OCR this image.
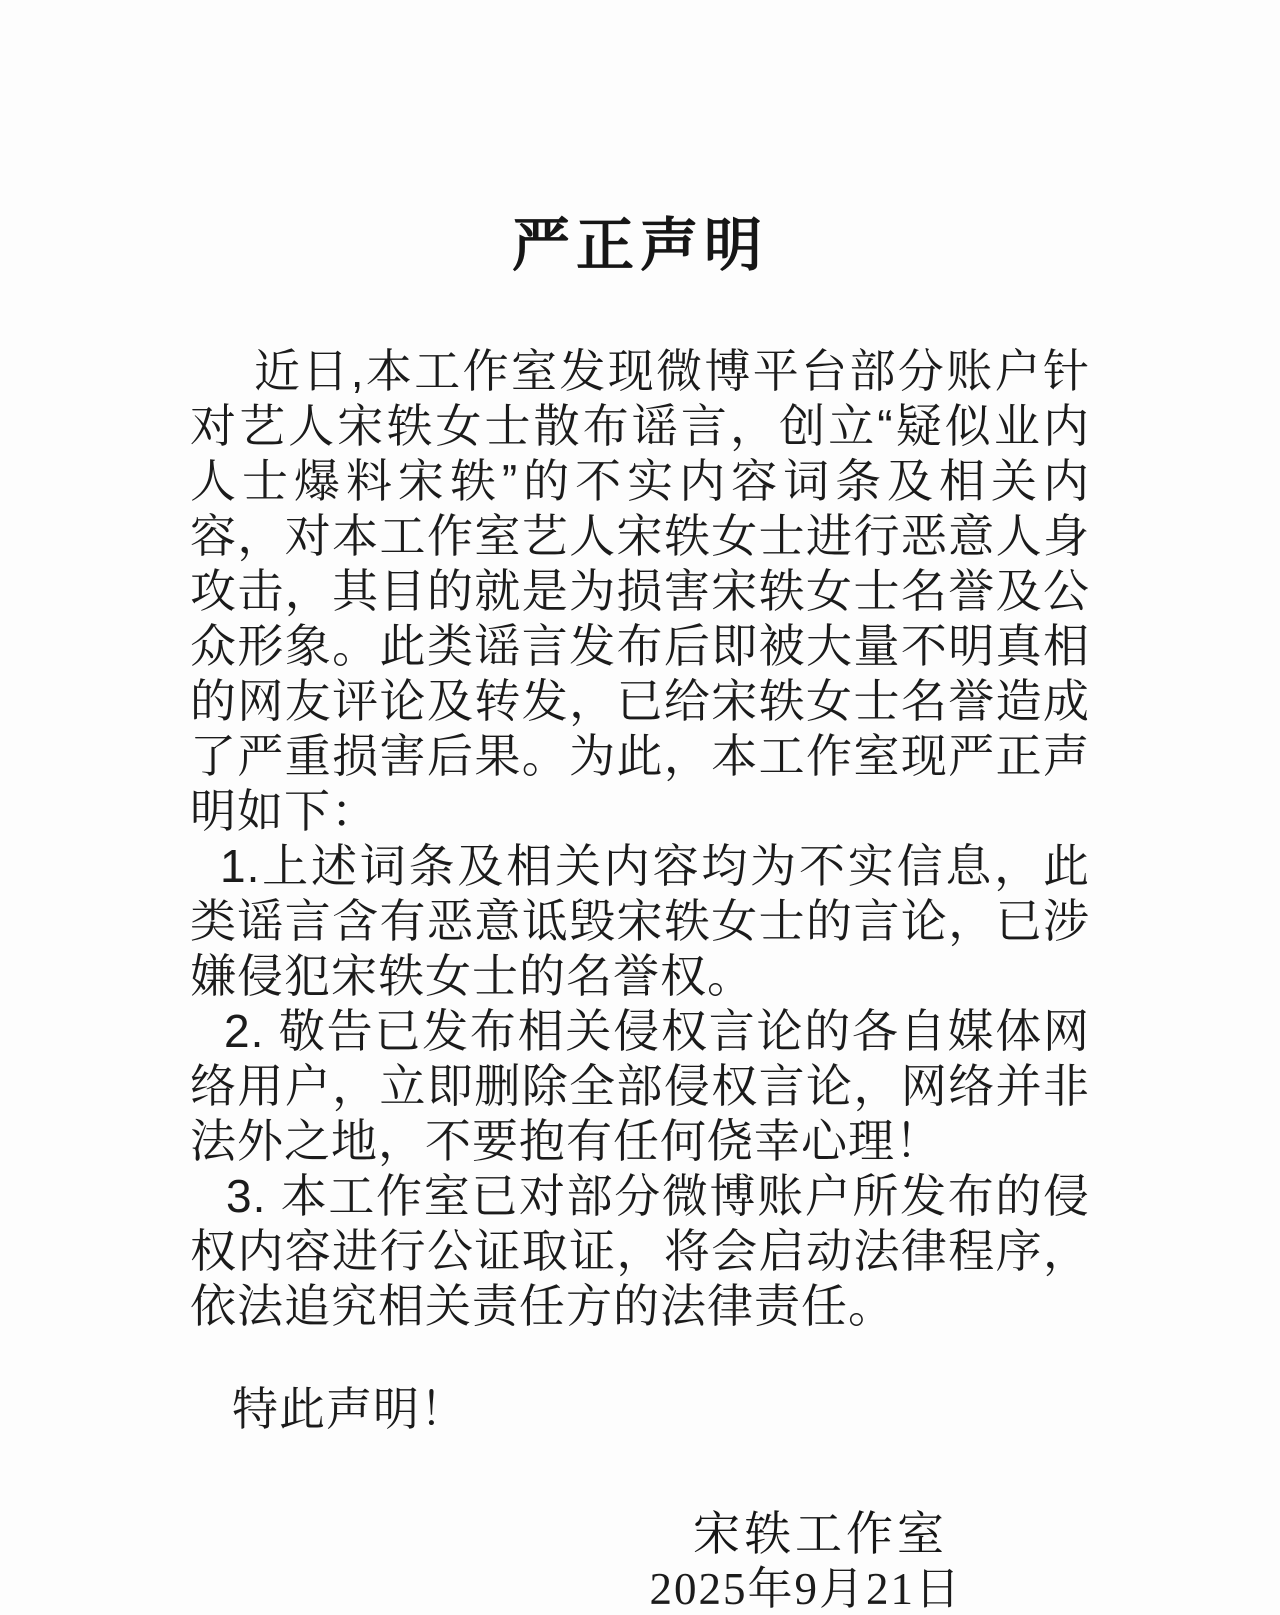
严正声明

近日,本工作室发现微博平台部分账户针对艺人宋轶女士散布谣言，创立“疑似业内人士爆料宋轶”的不实内容词条及相关内容，对本工作室艺人宋轶女士进行恶意人身攻击，其目的就是为损害宋轶女士名誉及公众形象。此类谣言发布后即被大量不明真相的网友评论及转发，已给宋轶女士名誉造成了严重损害后果。为此，本工作室现严正声明如下：

1.上述词条及相关内容均为不实信息，此类谣言含有恶意诋毁宋轶女士的言论，已涉嫌侵犯宋轶女士的名誉权。

2. 敬告已发布相关侵权言论的各自媒体网络用户，立即删除全部侵权言论，网络并非法外之地，不要抱有任何侥幸心理！

3. 本工作室已对部分微博账户所发布的侵权内容进行公证取证，将会启动法律程序，依法追究相关责任方的法律责任。

特此声明！
宋轶工作室
2025年9月21日
